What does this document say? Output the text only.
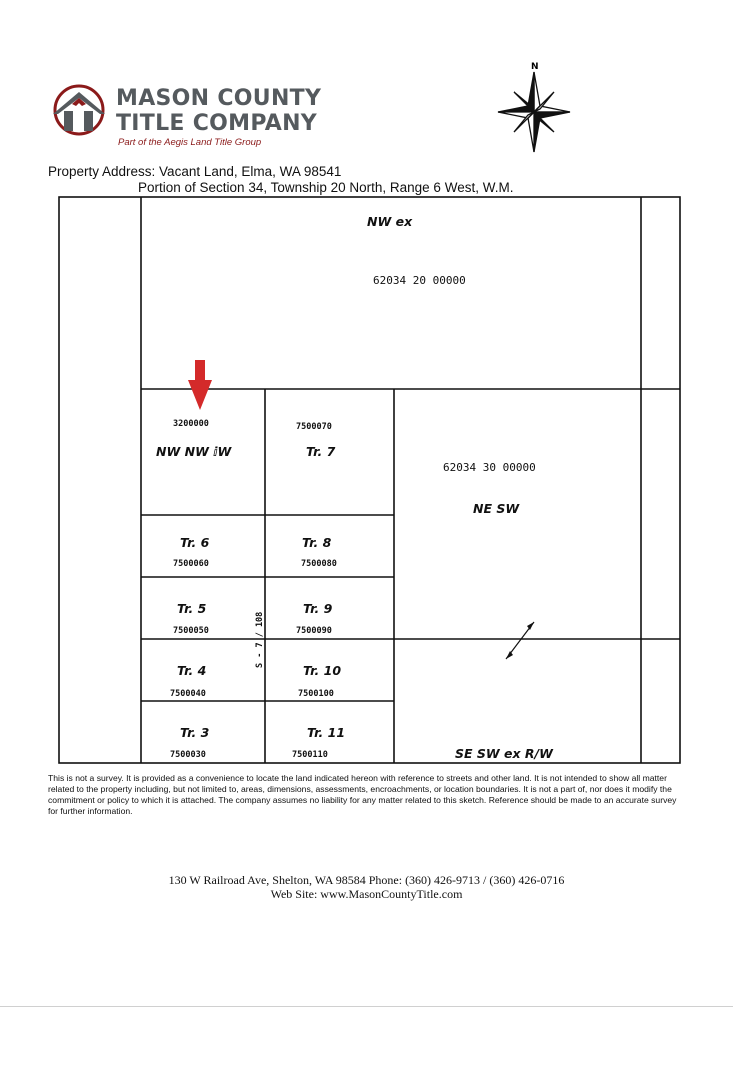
MASON COUNTY
TITLE COMPANY
Part of the Aegis Land Title Group
N
Property Address: Vacant Land, Elma, WA 98541
Portion of Section 34, Township 20 North, Range 6 West, W.M.
NW ex
62034 20 00000
3200000
NW NW ⅈW
62034 30 00000
NE SW
SE SW ex R/W
S - 7 / 108
7500070
Tr. 7
Tr. 6
7500060
Tr. 8
7500080
Tr. 5
7500050
Tr. 9
7500090
Tr. 4
7500040
Tr. 10
7500100
Tr. 3
7500030
Tr. 11
7500110
This is not a survey. It is provided as a convenience to locate the land indicated hereon with reference to streets and other land. It is not intended to show all matter related to the property including, but not limited to, areas, dimensions, assessments, encroachments, or location boundaries. It is not a part of, nor does it modify the commitment or policy to which it is attached. The company assumes no liability for any matter related to this sketch. Reference should be made to an accurate survey for further information.
130 W Railroad Ave, Shelton, WA 98584 Phone: (360) 426-9713 / (360) 426-0716
Web Site: www.MasonCountyTitle.com
